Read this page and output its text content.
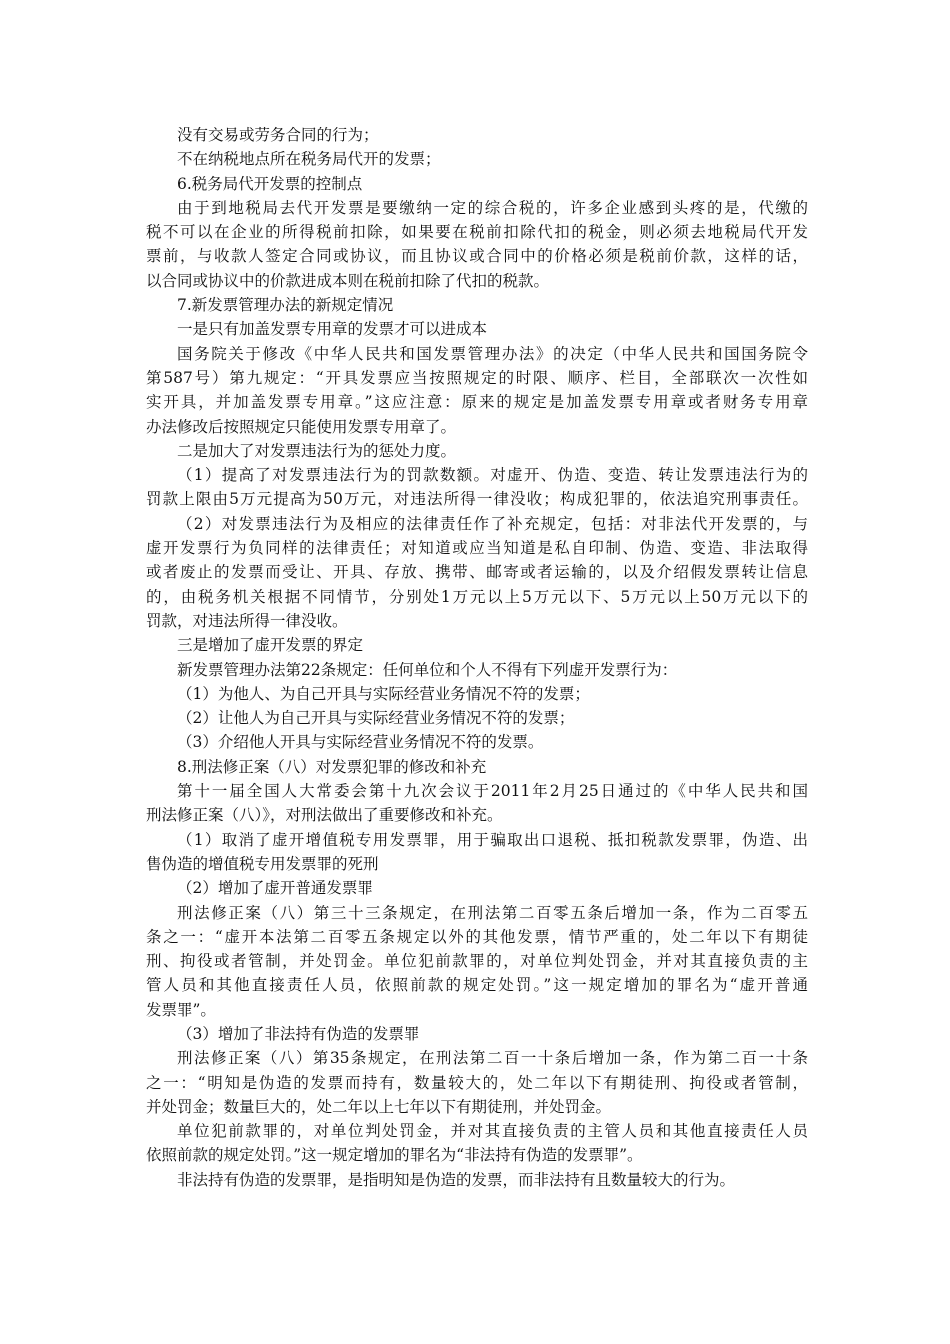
没有交易或劳务合同的行为；
不在纳税地点所在税务局代开的发票；
6.税务局代开发票的控制点
由于到地税局去代开发票是要缴纳一定的综合税的，许多企业感到头疼的是，代缴的
税不可以在企业的所得税前扣除，如果要在税前扣除代扣的税金，则必须去地税局代开发
票前，与收款人签定合同或协议，而且协议或合同中的价格必须是税前价款，这样的话，
以合同或协议中的价款进成本则在税前扣除了代扣的税款。
7.新发票管理办法的新规定情况
一是只有加盖发票专用章的发票才可以进成本
国务院关于修改《中华人民共和国发票管理办法》的决定（中华人民共和国国务院令
第587号）第九规定：“开具发票应当按照规定的时限、顺序、栏目，全部联次一次性如
实开具，并加盖发票专用章。”这应注意：原来的规定是加盖发票专用章或者财务专用章
办法修改后按照规定只能使用发票专用章了。
二是加大了对发票违法行为的惩处力度。
（1）提高了对发票违法行为的罚款数额。对虚开、伪造、变造、转让发票违法行为的
罚款上限由5万元提高为50万元，对违法所得一律没收；构成犯罪的，依法追究刑事责任。
（2）对发票违法行为及相应的法律责任作了补充规定，包括：对非法代开发票的，与
虚开发票行为负同样的法律责任；对知道或应当知道是私自印制、伪造、变造、非法取得
或者废止的发票而受让、开具、存放、携带、邮寄或者运输的，以及介绍假发票转让信息
的，由税务机关根据不同情节，分别处1万元以上5万元以下、5万元以上50万元以下的
罚款，对违法所得一律没收。
三是增加了虚开发票的界定
新发票管理办法第22条规定：任何单位和个人不得有下列虚开发票行为：
（1）为他人、为自己开具与实际经营业务情况不符的发票；
（2）让他人为自己开具与实际经营业务情况不符的发票；
（3）介绍他人开具与实际经营业务情况不符的发票。
8.刑法修正案（八）对发票犯罪的修改和补充
第十一届全国人大常委会第十九次会议于2011年2月25日通过的《中华人民共和国
刑法修正案（八）》，对刑法做出了重要修改和补充。
（1）取消了虚开增值税专用发票罪，用于骗取出口退税、抵扣税款发票罪，伪造、出
售伪造的增值税专用发票罪的死刑
（2）增加了虚开普通发票罪
刑法修正案（八）第三十三条规定，在刑法第二百零五条后增加一条，作为二百零五
条之一：“虚开本法第二百零五条规定以外的其他发票，情节严重的，处二年以下有期徒
刑、拘役或者管制，并处罚金。单位犯前款罪的，对单位判处罚金，并对其直接负责的主
管人员和其他直接责任人员，依照前款的规定处罚。”这一规定增加的罪名为“虚开普通
发票罪”。
（3）增加了非法持有伪造的发票罪
刑法修正案（八）第35条规定，在刑法第二百一十条后增加一条，作为第二百一十条
之一：“明知是伪造的发票而持有，数量较大的，处二年以下有期徒刑、拘役或者管制，
并处罚金；数量巨大的，处二年以上七年以下有期徒刑，并处罚金。
单位犯前款罪的，对单位判处罚金，并对其直接负责的主管人员和其他直接责任人员
依照前款的规定处罚。”这一规定增加的罪名为“非法持有伪造的发票罪”。
非法持有伪造的发票罪，是指明知是伪造的发票，而非法持有且数量较大的行为。
